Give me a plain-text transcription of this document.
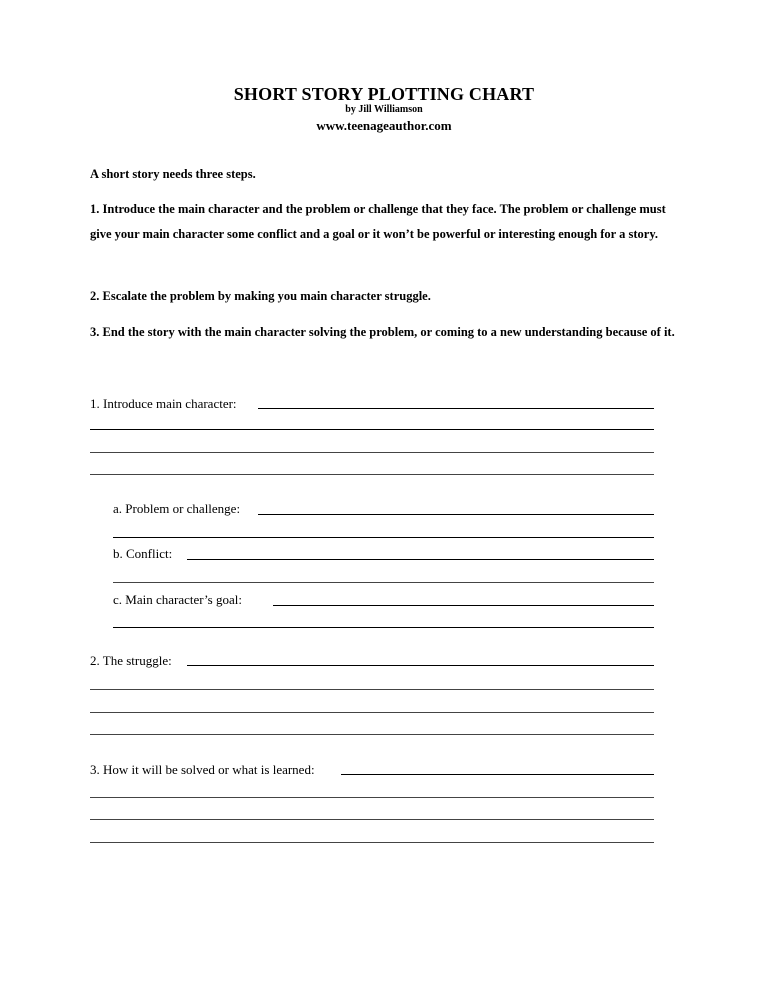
SHORT STORY PLOTTING CHART
by Jill Williamson
www.teenageauthor.com
A short story needs three steps.
1. Introduce the main character and the problem or challenge that they face. The problem or challenge must give your main character some conflict and a goal or it won’t be powerful or interesting enough for a story.
2. Escalate the problem by making you main character struggle.
3. End the story with the main character solving the problem, or coming to a new understanding because of it.
1. Introduce main character:
a. Problem or challenge:
b. Conflict:
c. Main character’s goal:
2. The struggle:
3. How it will be solved or what is learned:
